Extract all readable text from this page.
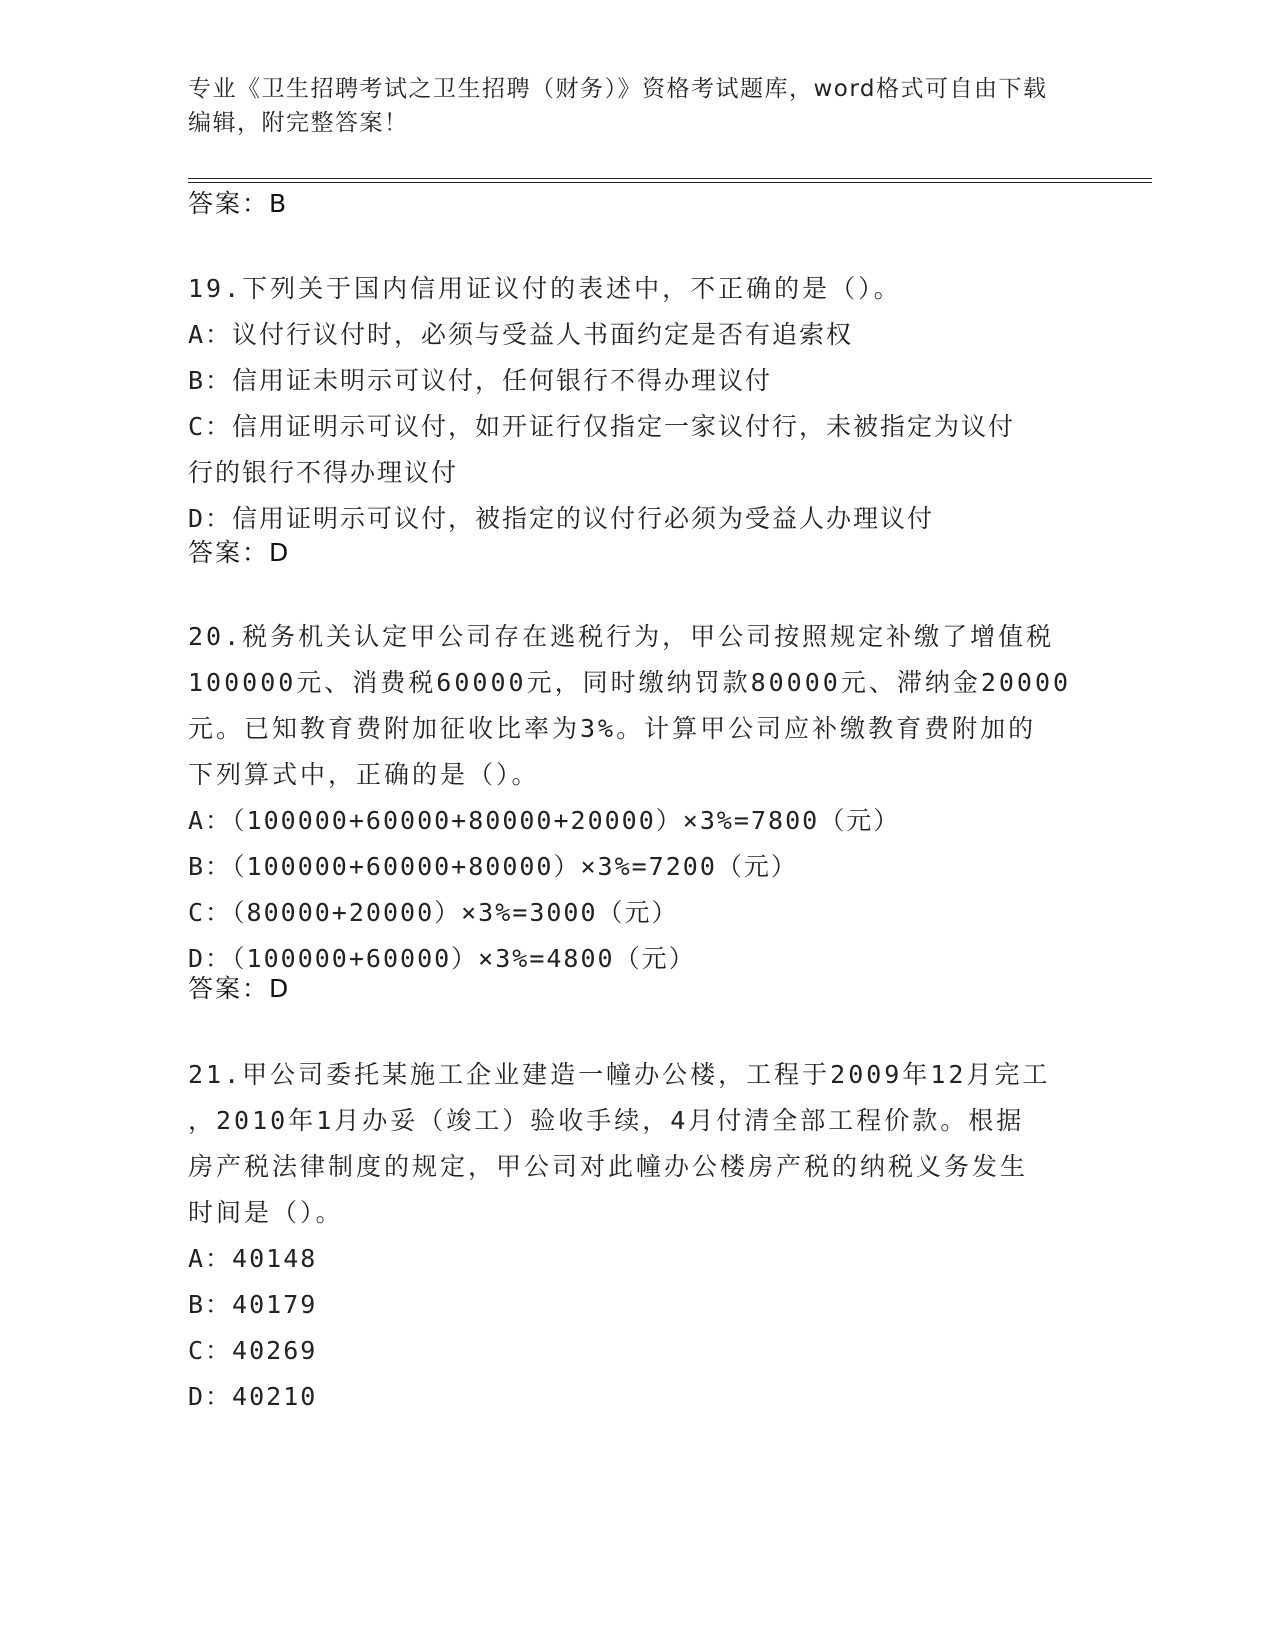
专业《卫生招聘考试之卫生招聘（财务）》资格考试题库，word格式可自由下载
编辑，附完整答案！
答案：B
19.下列关于国内信用证议付的表述中，不正确的是（）。
A：议付行议付时，必须与受益人书面约定是否有追索权
B：信用证未明示可议付，任何银行不得办理议付
C：信用证明示可议付，如开证行仅指定一家议付行，未被指定为议付
行的银行不得办理议付
D：信用证明示可议付，被指定的议付行必须为受益人办理议付
答案：D
20.税务机关认定甲公司存在逃税行为，甲公司按照规定补缴了增值税
100000元、消费税60000元，同时缴纳罚款80000元、滞纳金20000
元。已知教育费附加征收比率为3%。计算甲公司应补缴教育费附加的
下列算式中，正确的是（）。
A：（100000+60000+80000+20000）×3%=7800（元）
B：（100000+60000+80000）×3%=7200（元）
C：（80000+20000）×3%=3000（元）
D：（100000+60000）×3%=4800（元）
答案：D
21.甲公司委托某施工企业建造一幢办公楼，工程于2009年12月完工
，2010年1月办妥（竣工）验收手续，4月付清全部工程价款。根据
房产税法律制度的规定，甲公司对此幢办公楼房产税的纳税义务发生
时间是（）。
A：40148
B：40179
C：40269
D：40210
